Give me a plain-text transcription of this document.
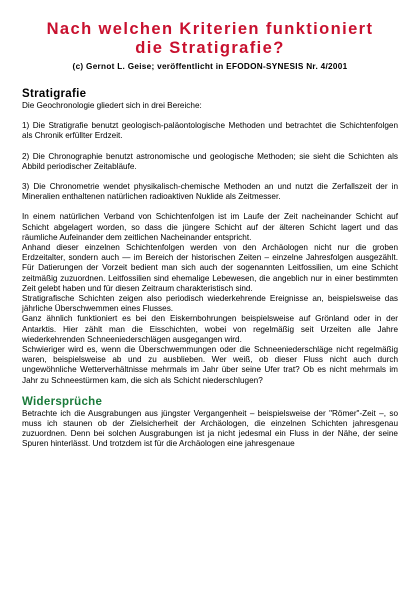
Nach welchen Kriterien funktioniert
die Stratigrafie?
(c) Gernot L. Geise; veröffentlicht in EFODON-SYNESIS Nr. 4/2001
Stratigrafie

Die Geochronologie gliedert sich in drei Bereiche:

1) Die Stratigrafie benutzt geologisch-paläontologische Methoden und betrachtet die Schichtenfolgen als Chronik erfüllter Erdzeit.

2) Die Chronographie benutzt astronomische und geologische Methoden; sie sieht die Schichten als Abbild periodischer Zeitabläufe.

3) Die Chronometrie wendet physikalisch-chemische Methoden an und nutzt die Zerfallszeit der in Mineralien enthaltenen natürlichen radioaktiven Nuklide als Zeitmesser.

In einem natürlichen Verband von Schichtenfolgen ist im Laufe der Zeit nacheinander Schicht auf Schicht abgelagert worden, so dass die jüngere Schicht auf der älteren Schicht lagert und das räumliche Aufeinander dem zeitlichen Nacheinander entspricht.

Anhand dieser einzelnen Schichtenfolgen werden von den Archäologen nicht nur die groben Erdzeitalter, sondern auch — im Bereich der historischen Zeiten – einzelne Jahresfolgen ausgezählt. Für Datierungen der Vorzeit bedient man sich auch der sogenannten Leitfossilien, um eine Schicht zeitmäßig zuzuordnen. Leitfossilien sind ehemalige Lebewesen, die angeblich nur in einer bestimmten Zeit gelebt haben und für diesen Zeitraum charakteristisch sind.

Stratigrafische Schichten zeigen also periodisch wiederkehrende Ereignisse an, beispielsweise das jährliche Überschwemmen eines Flusses.

Ganz ähnlich funktioniert es bei den Eiskernbohrungen beispielsweise auf Grönland oder in der Antarktis. Hier zählt man die Eisschichten, wobei von regelmäßig seit Urzeiten alle Jahre wiederkehrenden Schneeniederschlägen ausgegangen wird.

Schwieriger wird es, wenn die Überschwemmungen oder die Schneeniederschläge nicht regelmäßig waren, beispielsweise ab und zu ausblieben. Wer weiß, ob dieser Fluss nicht auch durch ungewöhnliche Wetterverhältnisse mehrmals im Jahr über seine Ufer trat? Ob es nicht mehrmals im Jahr zu Schneestürmen kam, die sich als Schicht niederschlugen?

Widersprüche

Betrachte ich die Ausgrabungen aus jüngster Vergangenheit – beispielsweise der "Römer"-Zeit –, so muss ich staunen ob der Zielsicherheit der Archäologen, die einzelnen Schichten jahresgenau zuzuordnen. Denn bei solchen Ausgrabungen ist ja nicht jedesmal ein Fluss in der Nähe, der seine Spuren hinterlässt. Und trotzdem ist für die Archäologen eine jahresgenaue
